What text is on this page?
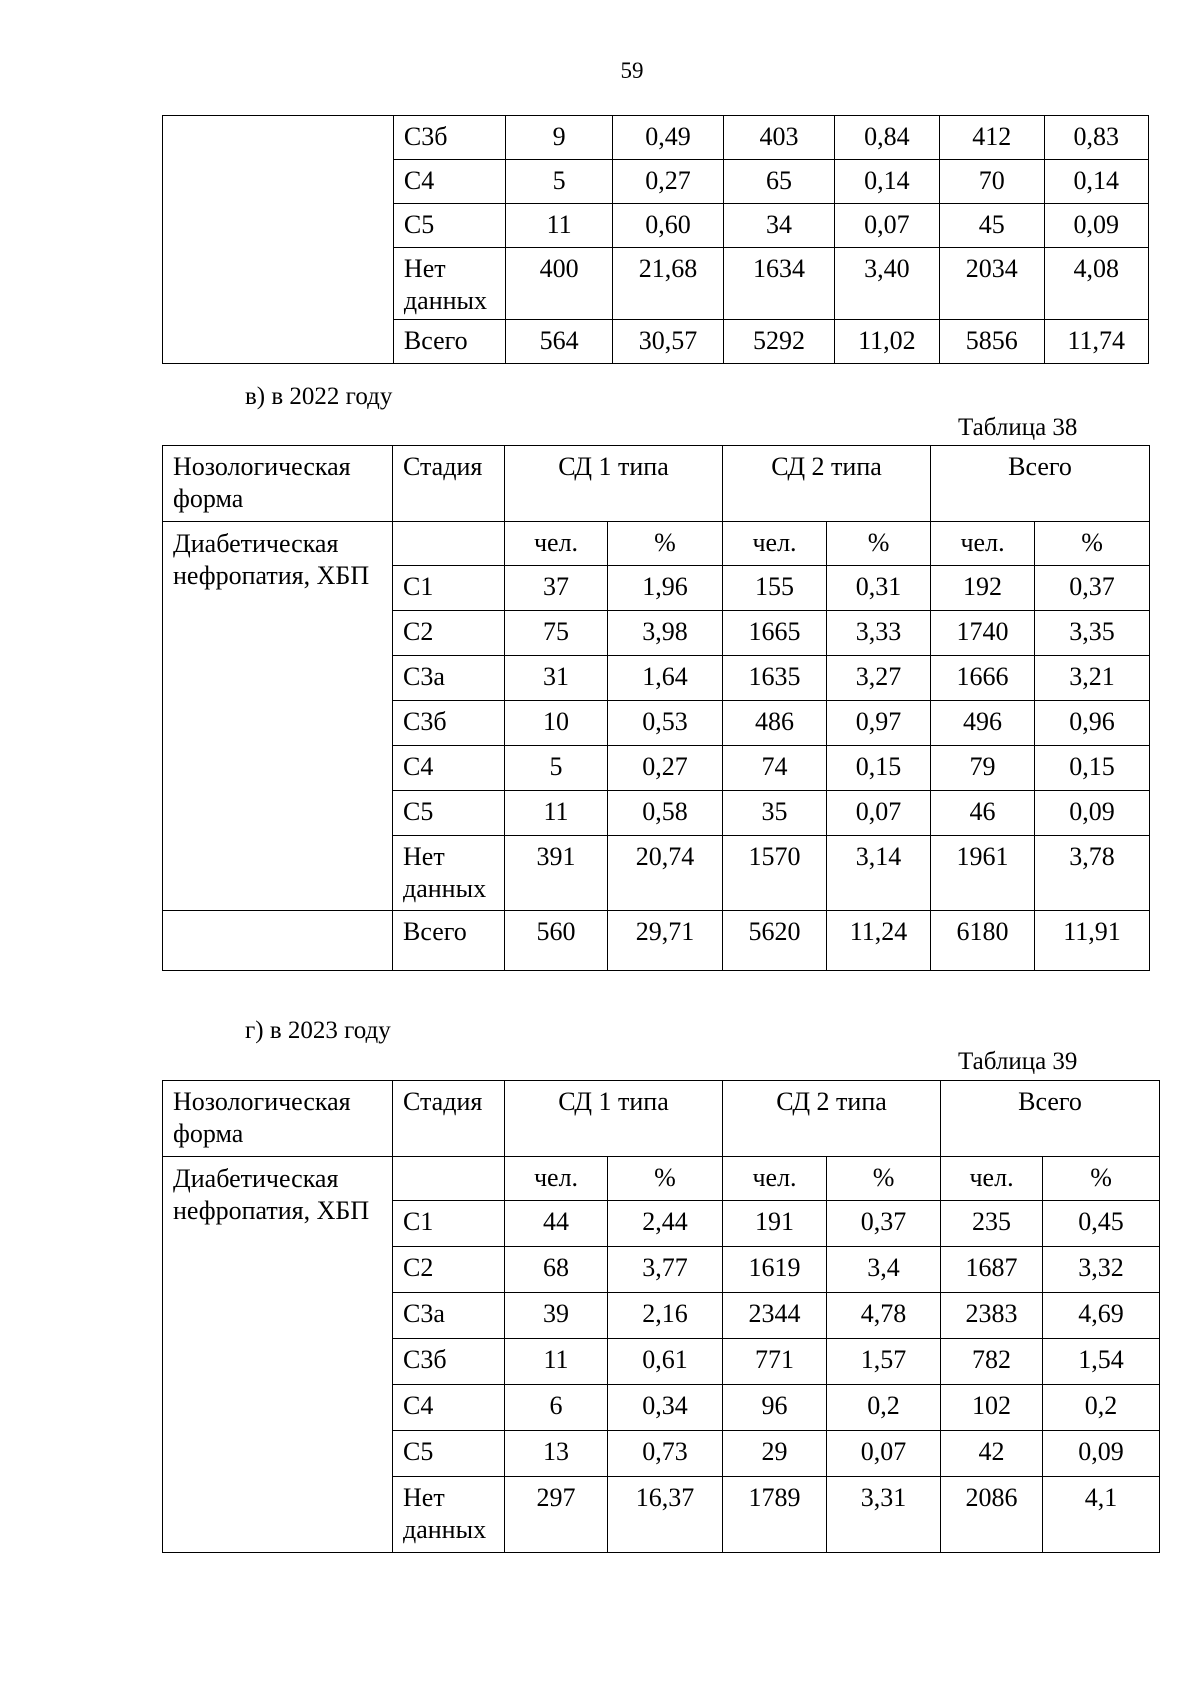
59
	С3б	9	0,49	403	0,84	412	0,83
	С4	5	0,27	65	0,14	70	0,14
	С5	11	0,60	34	0,07	45	0,09
	Нет данных	400	21,68	1634	3,40	2034	4,08
	Всего	564	30,57	5292	11,02	5856	11,74
в) в 2022 году
Таблица 38
Нозологическая форма	Стадия	СД 1 типа		СД 2 типа		Всего	
Диабетическая нефропатия, ХБП		чел.	%	чел.	%	чел.	%
	С1	37	1,96	155	0,31	192	0,37
	С2	75	3,98	1665	3,33	1740	3,35
	С3а	31	1,64	1635	3,27	1666	3,21
	С3б	10	0,53	486	0,97	496	0,96
	С4	5	0,27	74	0,15	79	0,15
	С5	11	0,58	35	0,07	46	0,09
	Нет данных	391	20,74	1570	3,14	1961	3,78
	Всего	560	29,71	5620	11,24	6180	11,91
г) в 2023 году
Таблица 39
Нозологическая форма	Стадия	СД 1 типа		СД 2 типа		Всего	
Диабетическая нефропатия, ХБП		чел.	%	чел.	%	чел.	%
	С1	44	2,44	191	0,37	235	0,45
	С2	68	3,77	1619	3,4	1687	3,32
	С3а	39	2,16	2344	4,78	2383	4,69
	С3б	11	0,61	771	1,57	782	1,54
	С4	6	0,34	96	0,2	102	0,2
	С5	13	0,73	29	0,07	42	0,09
	Нет данных	297	16,37	1789	3,31	2086	4,1
